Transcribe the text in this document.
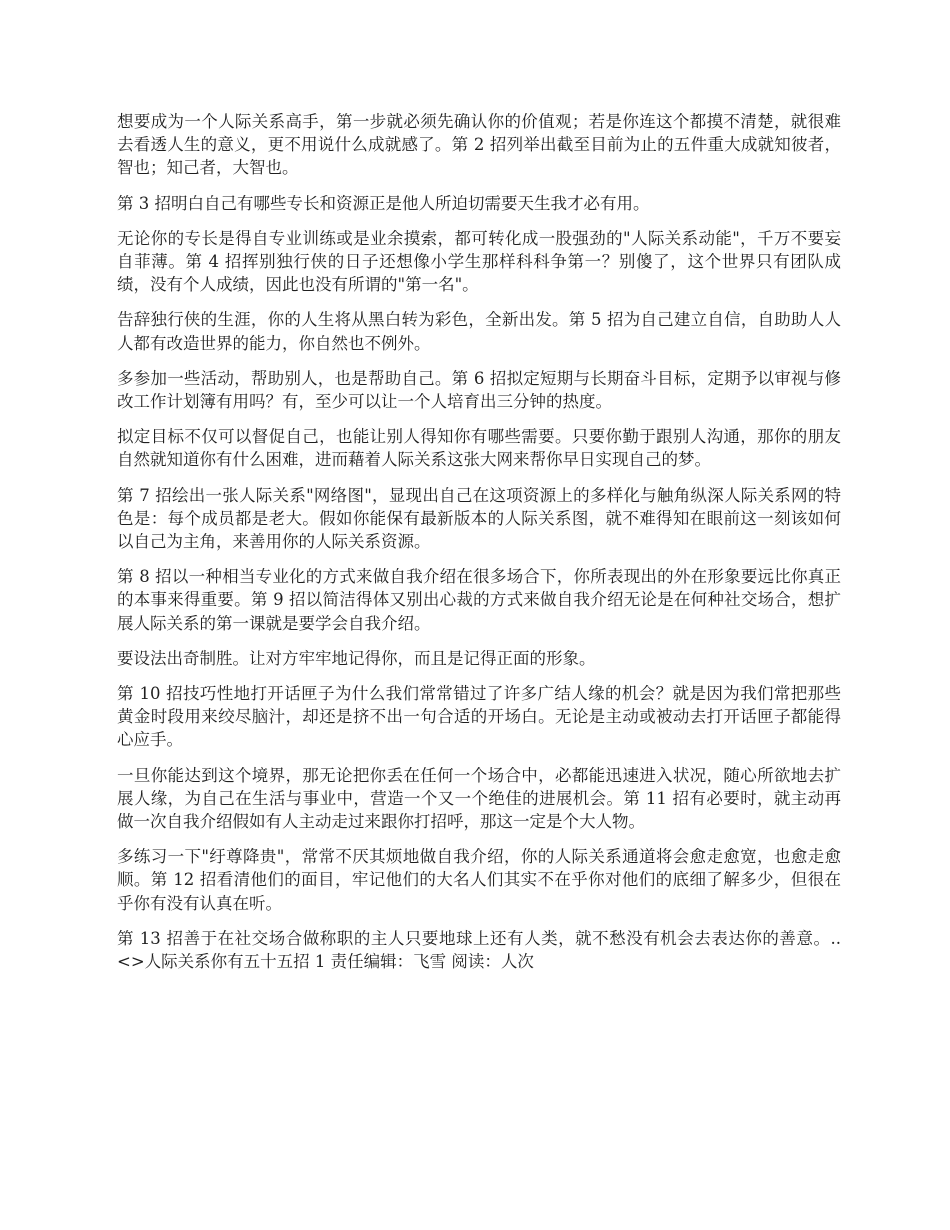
想要成为一个人际关系高手，第一步就必须先确认你的价值观；若是你连这个都摸不清楚，就很难去看透人生的意义，更不用说什么成就感了。第 2 招列举出截至目前为止的五件重大成就知彼者，智也；知己者，大智也。

第 3 招明白自己有哪些专长和资源正是他人所迫切需要天生我才必有用。

无论你的专长是得自专业训练或是业余摸索，都可转化成一股强劲的"人际关系动能"，千万不要妄自菲薄。第 4 招挥别独行侠的日子还想像小学生那样科科争第一？别傻了，这个世界只有团队成绩，没有个人成绩，因此也没有所谓的"第一名"。

告辞独行侠的生涯，你的人生将从黑白转为彩色，全新出发。第 5 招为自己建立自信，自助助人人人都有改造世界的能力，你自然也不例外。

多参加一些活动，帮助别人，也是帮助自己。第 6 招拟定短期与长期奋斗目标，定期予以审视与修改工作计划簿有用吗？有，至少可以让一个人培育出三分钟的热度。

拟定目标不仅可以督促自己，也能让别人得知你有哪些需要。只要你勤于跟别人沟通，那你的朋友自然就知道你有什么困难，进而藉着人际关系这张大网来帮你早日实现自己的梦。

第 7 招绘出一张人际关系"网络图"，显现出自己在这项资源上的多样化与触角纵深人际关系网的特色是：每个成员都是老大。假如你能保有最新版本的人际关系图，就不难得知在眼前这一刻该如何以自己为主角，来善用你的人际关系资源。

第 8 招以一种相当专业化的方式来做自我介绍在很多场合下，你所表现出的外在形象要远比你真正的本事来得重要。第 9 招以简洁得体又别出心裁的方式来做自我介绍无论是在何种社交场合，想扩展人际关系的第一课就是要学会自我介绍。

要设法出奇制胜。让对方牢牢地记得你，而且是记得正面的形象。

第 10 招技巧性地打开话匣子为什么我们常常错过了许多广结人缘的机会？就是因为我们常把那些黄金时段用来绞尽脑汁，却还是挤不出一句合适的开场白。无论是主动或被动去打开话匣子都能得心应手。

一旦你能达到这个境界，那无论把你丢在任何一个场合中，必都能迅速进入状况，随心所欲地去扩展人缘，为自己在生活与事业中，营造一个又一个绝佳的进展机会。第 11 招有必要时，就主动再做一次自我介绍假如有人主动走过来跟你打招呼，那这一定是个大人物。

多练习一下"纡尊降贵"，常常不厌其烦地做自我介绍，你的人际关系通道将会愈走愈宽，也愈走愈顺。第 12 招看清他们的面目，牢记他们的大名人们其实不在乎你对他们的底细了解多少，但很在乎你有没有认真在听。

第 13 招善于在社交场合做称职的主人只要地球上还有人类，就不愁没有机会去表达你的善意。..<>人际关系你有五十五招 1 责任编辑：飞雪 阅读：人次
